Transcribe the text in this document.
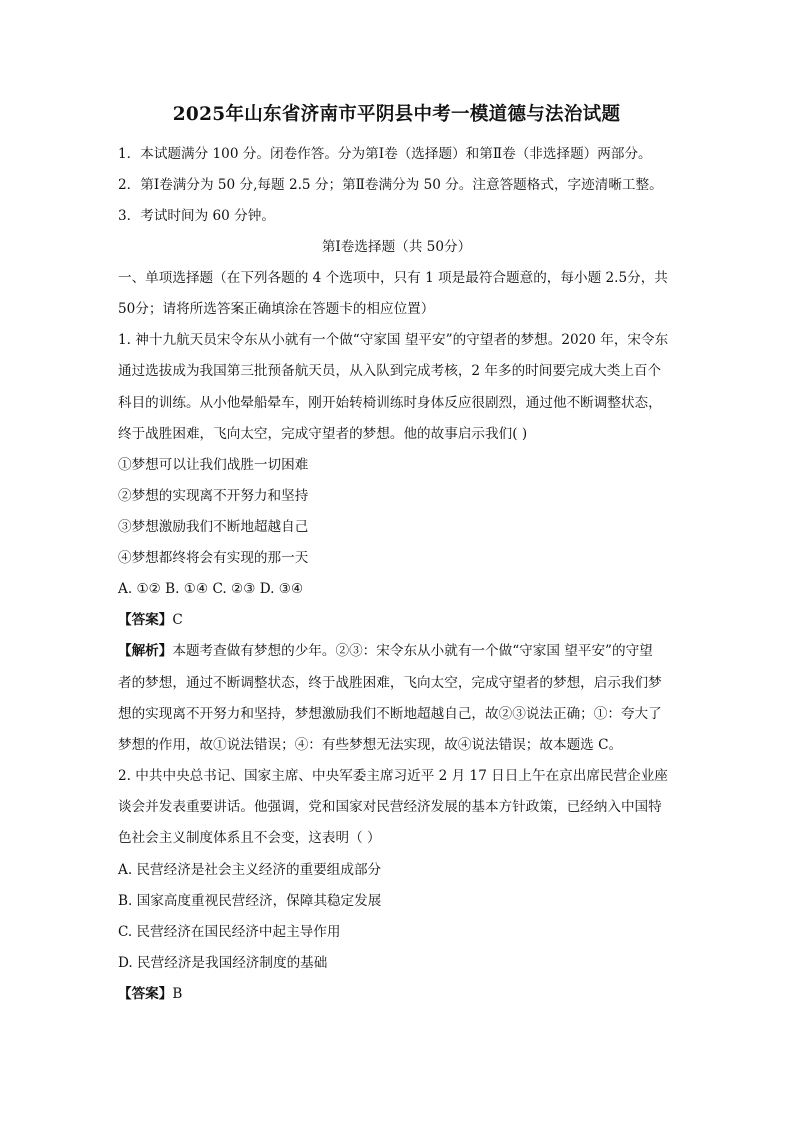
2025年山东省济南市平阴县中考一模道德与法治试题
1．本试题满分 100 分。闭卷作答。分为第Ⅰ卷（选择题）和第Ⅱ卷（非选择题）两部分。
2．第Ⅰ卷满分为 50 分,每题 2.5 分；第Ⅱ卷满分为 50 分。注意答题格式，字迹清晰工整。
3．考试时间为 60 分钟。
第Ⅰ卷选择题（共 50分）
一、单项选择题（在下列各题的 4 个选项中，只有 1 项是最符合题意的，每小题 2.5分，共
50分；请将所选答案正确填涂在答题卡的相应位置）
1. 神十九航天员宋令东从小就有一个做“守家国 望平安”的守望者的梦想。2020 年，宋令东
通过选拔成为我国第三批预备航天员，从入队到完成考核，2 年多的时间要完成大类上百个
科目的训练。从小他晕船晕车，刚开始转椅训练时身体反应很剧烈，通过他不断调整状态，
终于战胜困难，飞向太空，完成守望者的梦想。他的故事启示我们( )
①梦想可以让我们战胜一切困难
②梦想的实现离不开努力和坚持
③梦想激励我们不断地超越自己
④梦想都终将会有实现的那一天
A. ①② B. ①④ C. ②③ D. ③④
【答案】C
【解析】本题考查做有梦想的少年。②③：宋令东从小就有一个做“守家国 望平安”的守望
者的梦想，通过不断调整状态，终于战胜困难，飞向太空，完成守望者的梦想，启示我们梦
想的实现离不开努力和坚持，梦想激励我们不断地超越自己，故②③说法正确；①：夸大了
梦想的作用，故①说法错误；④：有些梦想无法实现，故④说法错误；故本题选 C。
2. 中共中央总书记、国家主席、中央军委主席习近平 2 月 17 日日上午在京出席民营企业座
谈会并发表重要讲话。他强调，党和国家对民营经济发展的基本方针政策，已经纳入中国特
色社会主义制度体系且不会变，这表明（ ）
A. 民营经济是社会主义经济的重要组成部分
B. 国家高度重视民营经济，保障其稳定发展
C. 民营经济在国民经济中起主导作用
D. 民营经济是我国经济制度的基础
【答案】B
